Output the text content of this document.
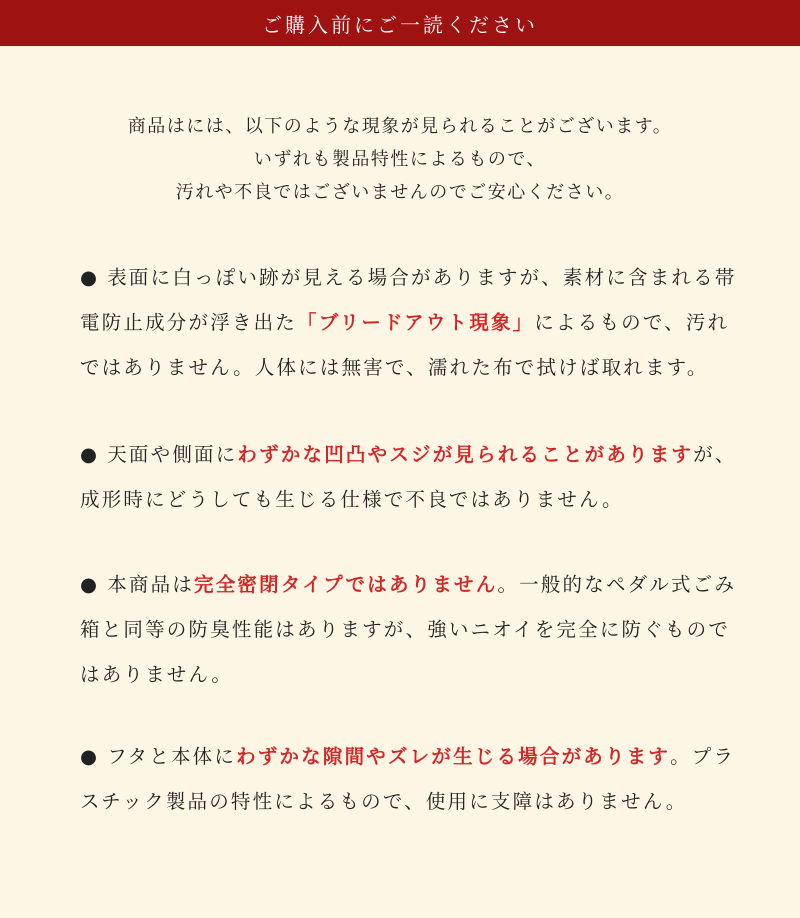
ご購入前にご一読ください
商品はには、以下のような現象が見られることがございます。
いずれも製品特性によるもので、
汚れや不良ではございませんのでご安心ください。
● 表面に白っぽい跡が見える場合がありますが、素材に含まれる帯電防止成分が浮き出た「ブリードアウト現象」によるもので、汚れではありません。人体には無害で、濡れた布で拭けば取れます。
● 天面や側面にわずかな凹凸やスジが見られることがありますが、成形時にどうしても生じる仕様で不良ではありません。
● 本商品は完全密閉タイプではありません。一般的なペダル式ごみ箱と同等の防臭性能はありますが、強いニオイを完全に防ぐものではありません。
● フタと本体にわずかな隙間やズレが生じる場合があります。プラスチック製品の特性によるもので、使用に支障はありません。
